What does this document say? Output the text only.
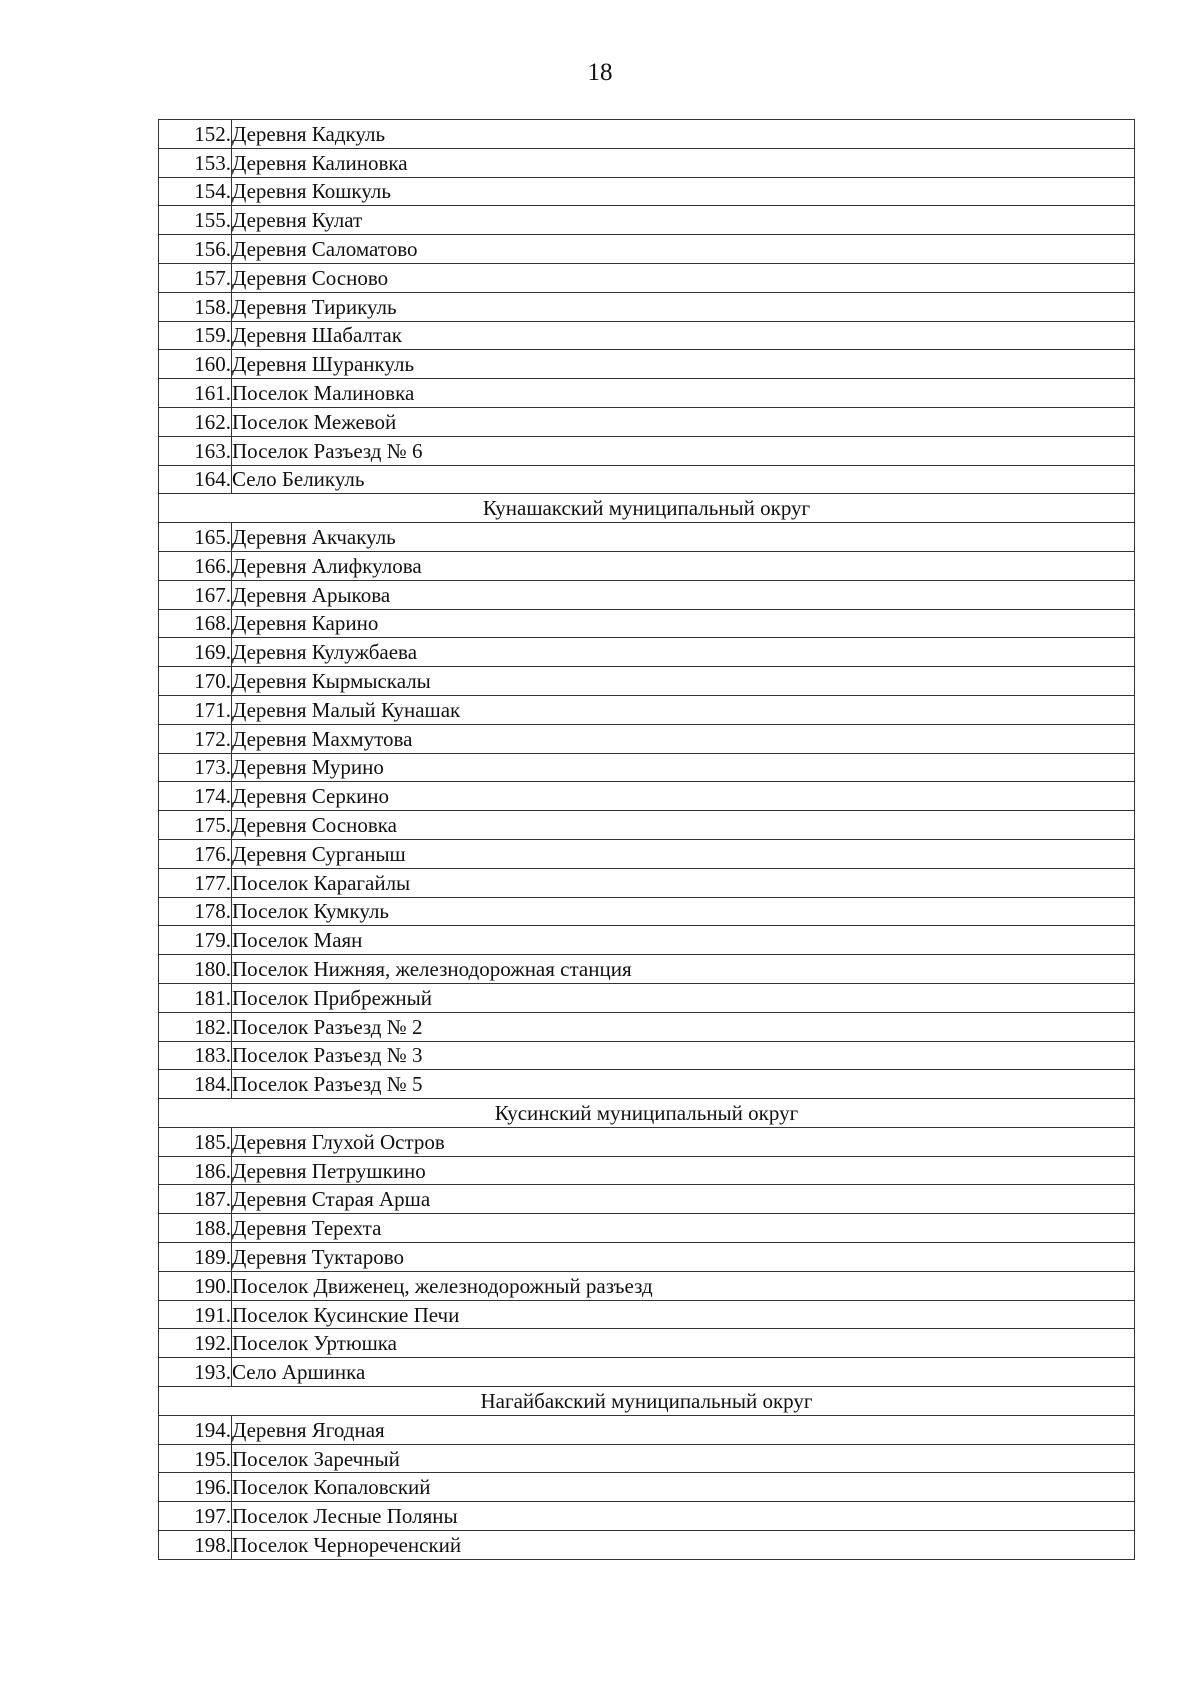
18
152.	Деревня Кадкуль
153.	Деревня Калиновка
154.	Деревня Кошкуль
155.	Деревня Кулат
156.	Деревня Саломатово
157.	Деревня Сосново
158.	Деревня Тирикуль
159.	Деревня Шабалтак
160.	Деревня Шуранкуль
161.	Поселок Малиновка
162.	Поселок Межевой
163.	Поселок Разъезд № 6
164.	Село Беликуль
Кунашакский муниципальный округ	
165.	Деревня Акчакуль
166.	Деревня Алифкулова
167.	Деревня Арыкова
168.	Деревня Карино
169.	Деревня Кулужбаева
170.	Деревня Кырмыскалы
171.	Деревня Малый Кунашак
172.	Деревня Махмутова
173.	Деревня Мурино
174.	Деревня Серкино
175.	Деревня Сосновка
176.	Деревня Сурганыш
177.	Поселок Карагайлы
178.	Поселок Кумкуль
179.	Поселок Маян
180.	Поселок Нижняя, железнодорожная станция
181.	Поселок Прибрежный
182.	Поселок Разъезд № 2
183.	Поселок Разъезд № 3
184.	Поселок Разъезд № 5
Кусинский муниципальный округ	
185.	Деревня Глухой Остров
186.	Деревня Петрушкино
187.	Деревня Старая Арша
188.	Деревня Терехта
189.	Деревня Туктарово
190.	Поселок Движенец, железнодорожный разъезд
191.	Поселок Кусинские Печи
192.	Поселок Уртюшка
193.	Село Аршинка
Нагайбакский муниципальный округ	
194.	Деревня Ягодная
195.	Поселок Заречный
196.	Поселок Копаловский
197.	Поселок Лесные Поляны
198.	Поселок Чернореченский
